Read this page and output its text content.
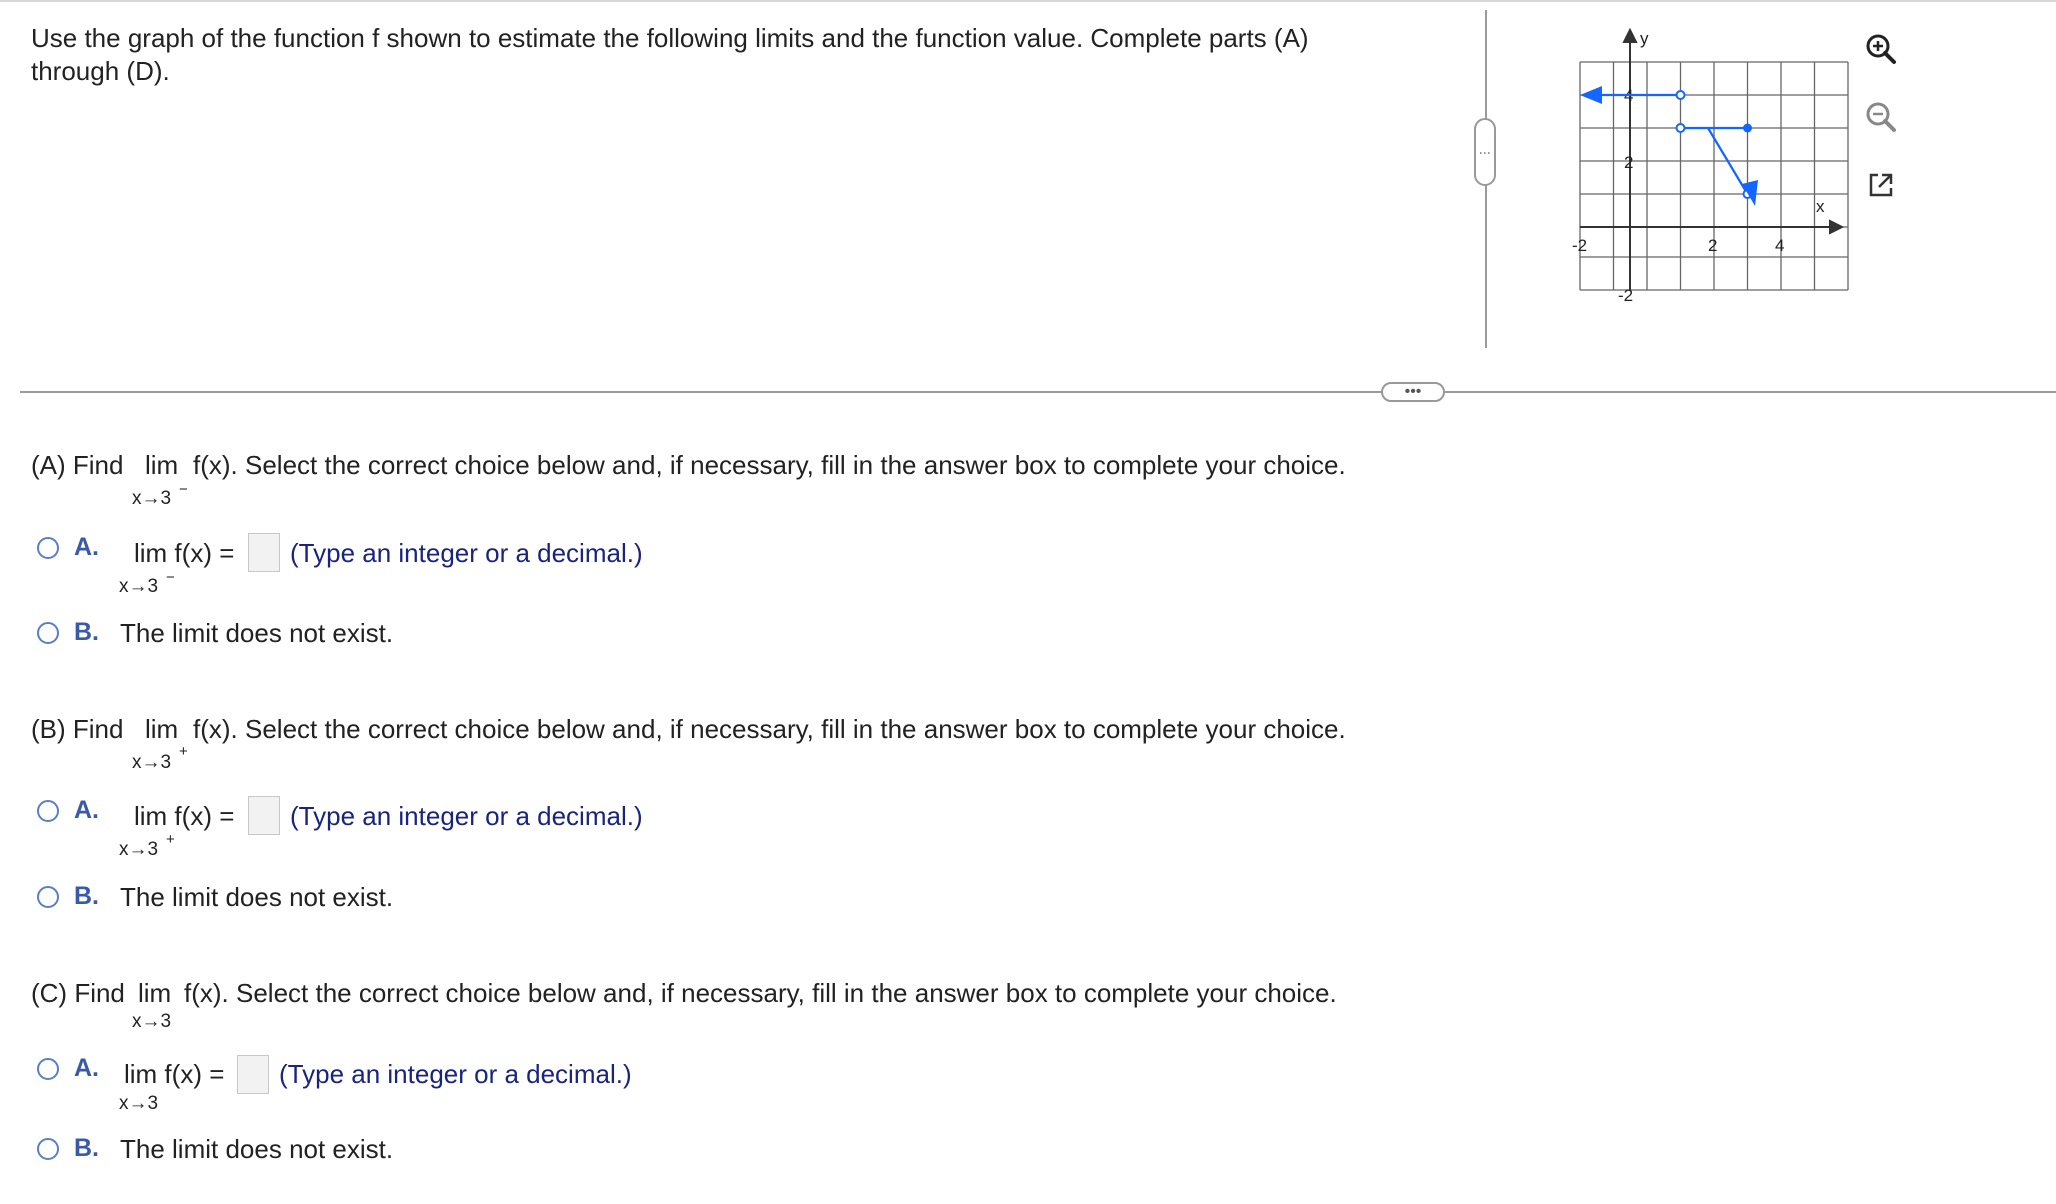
Use the graph of the function f shown to estimate the following limits and the function value. Complete parts (A)
through (D).
⋮
y
x
-2	2	4
4
2
-2
•••
(A) Find lim f(x). Select the correct choice below and, if necessary, fill in the answer box to complete your choice.
x→3 −
A. lim f(x) =
x→3 −
(Type an integer or a decimal.)
B. The limit does not exist.
(B) Find lim f(x). Select the correct choice below and, if necessary, fill in the answer box to complete your choice.
x→3
+
A. lim f(x) =
x→3 +
(Type an integer or a decimal.)
B. The limit does not exist.
(C) Find lim f(x). Select the correct choice below and, if necessary, fill in the answer box to complete your choice.
x→3
A. lim f(x) =
x→3
(Type an integer or a decimal.)
B. The limit does not exist.
